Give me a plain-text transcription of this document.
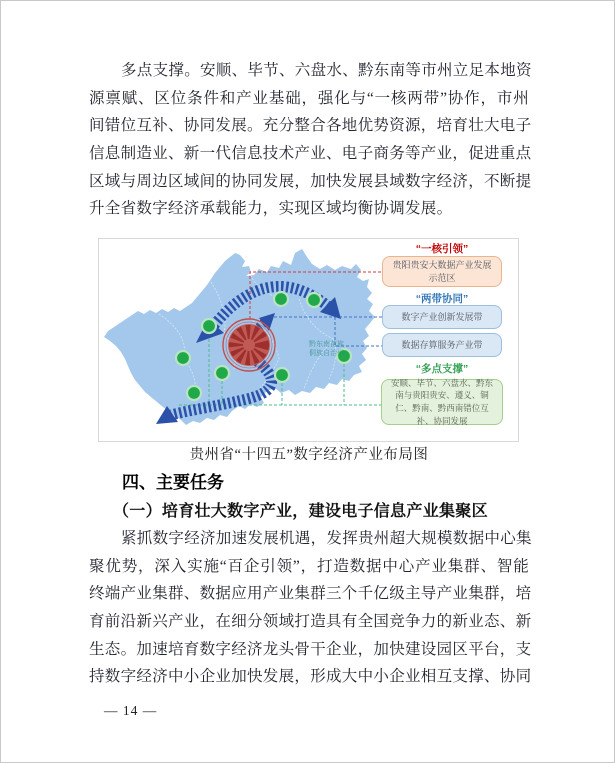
多点支撑。安顺、毕节、六盘水、黔东南等市州立足本地资
源禀赋、区位条件和产业基础，强化与“一核两带”协作，市州
间错位互补、协同发展。充分整合各地优势资源，培育壮大电子
信息制造业、新一代信息技术产业、电子商务等产业，促进重点
区域与周边区域间的协同发展，加快发展县域数字经济，不断提
升全省数字经济承载能力，实现区域均衡协调发展。
黔东南苗族侗族自治州
“一核引领”
贵阳贵安大数据产业发展示范区
“两带协同”
数字产业创新发展带
数据存算服务产业带
“多点支撑”
安顺、毕节、六盘水、黔东南与贵阳贵安、遵义、铜仁、黔南、黔西南错位互补、协同发展
贵州省“十四五”数字经济产业布局图
四、主要任务
（一）培育壮大数字产业，建设电子信息产业集聚区
紧抓数字经济加速发展机遇，发挥贵州超大规模数据中心集
聚优势，深入实施“百企引领”，打造数据中心产业集群、智能
终端产业集群、数据应用产业集群三个千亿级主导产业集群，培
育前沿新兴产业，在细分领域打造具有全国竞争力的新业态、新
生态。加速培育数字经济龙头骨干企业，加快建设园区平台，支
持数字经济中小企业加快发展，形成大中小企业相互支撑、协同
— 14 —
